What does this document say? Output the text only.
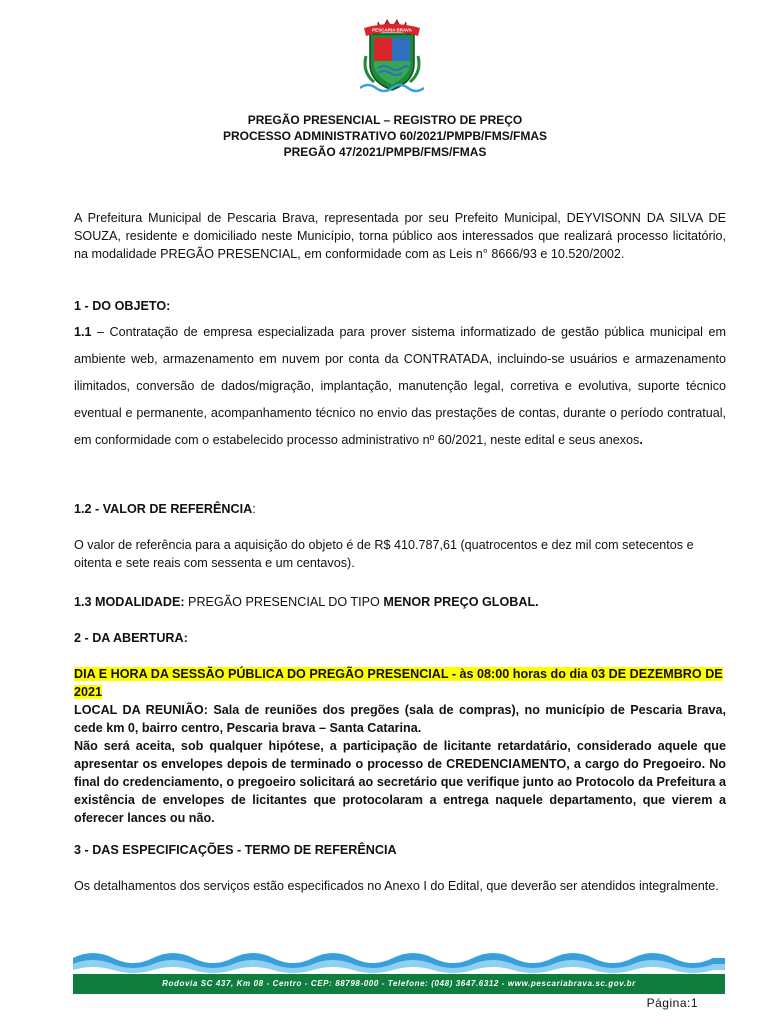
PESCARIA BRAVA
PREGÃO PRESENCIAL – REGISTRO DE PREÇO
PROCESSO ADMINISTRATIVO 60/2021/PMPB/FMS/FMAS
PREGÃO 47/2021/PMPB/FMS/FMAS
A Prefeitura Municipal de Pescaria Brava, representada por seu Prefeito Municipal, DEYVISONN DA SILVA DE SOUZA, residente e domiciliado neste Município, torna público aos interessados que realizará processo licitatório, na modalidade PREGÃO PRESENCIAL, em conformidade com as Leis n° 8666/93 e 10.520/2002.
1 - DO OBJETO:
1.1 – Contratação de empresa especializada para prover sistema informatizado de gestão pública municipal em ambiente web, armazenamento em nuvem por conta da CONTRATADA, incluindo-se usuários e armazenamento ilimitados, conversão de dados/migração, implantação, manutenção legal, corretiva e evolutiva, suporte técnico eventual e permanente, acompanhamento técnico no envio das prestações de contas, durante o período contratual, em conformidade com o estabelecido processo administrativo nº 60/2021, neste edital e seus anexos.
1.2 - VALOR DE REFERÊNCIA:
O valor de referência para a aquisição do objeto é de R$ 410.787,61 (quatrocentos e dez mil com setecentos e oitenta e sete reais com sessenta e um centavos).
1.3 MODALIDADE: PREGÃO PRESENCIAL DO TIPO MENOR PREÇO GLOBAL.
2 - DA ABERTURA:
DIA E HORA DA SESSÃO PÚBLICA DO PREGÃO PRESENCIAL - às 08:00 horas do dia 03 DE DEZEMBRO DE 2021
LOCAL DA REUNIÃO: Sala de reuniões dos pregões (sala de compras), no município de Pescaria Brava, cede km 0, bairro centro, Pescaria brava – Santa Catarina.
Não será aceita, sob qualquer hipótese, a participação de licitante retardatário, considerado aquele que apresentar os envelopes depois de terminado o processo de CREDENCIAMENTO, a cargo do Pregoeiro. No final do credenciamento, o pregoeiro solicitará ao secretário que verifique junto ao Protocolo da Prefeitura a existência de envelopes de licitantes que protocolaram a entrega naquele departamento, que vierem a oferecer lances ou não.
3 - DAS ESPECIFICAÇÕES - TERMO DE REFERÊNCIA
Os detalhamentos dos serviços estão especificados no Anexo I do Edital, que deverão ser atendidos integralmente.
Rodovia SC 437, Km 08 - Centro - CEP: 88798-000 - Telefone: (048) 3647.6312 - www.pescariabrava.sc.gov.br
Página:1
